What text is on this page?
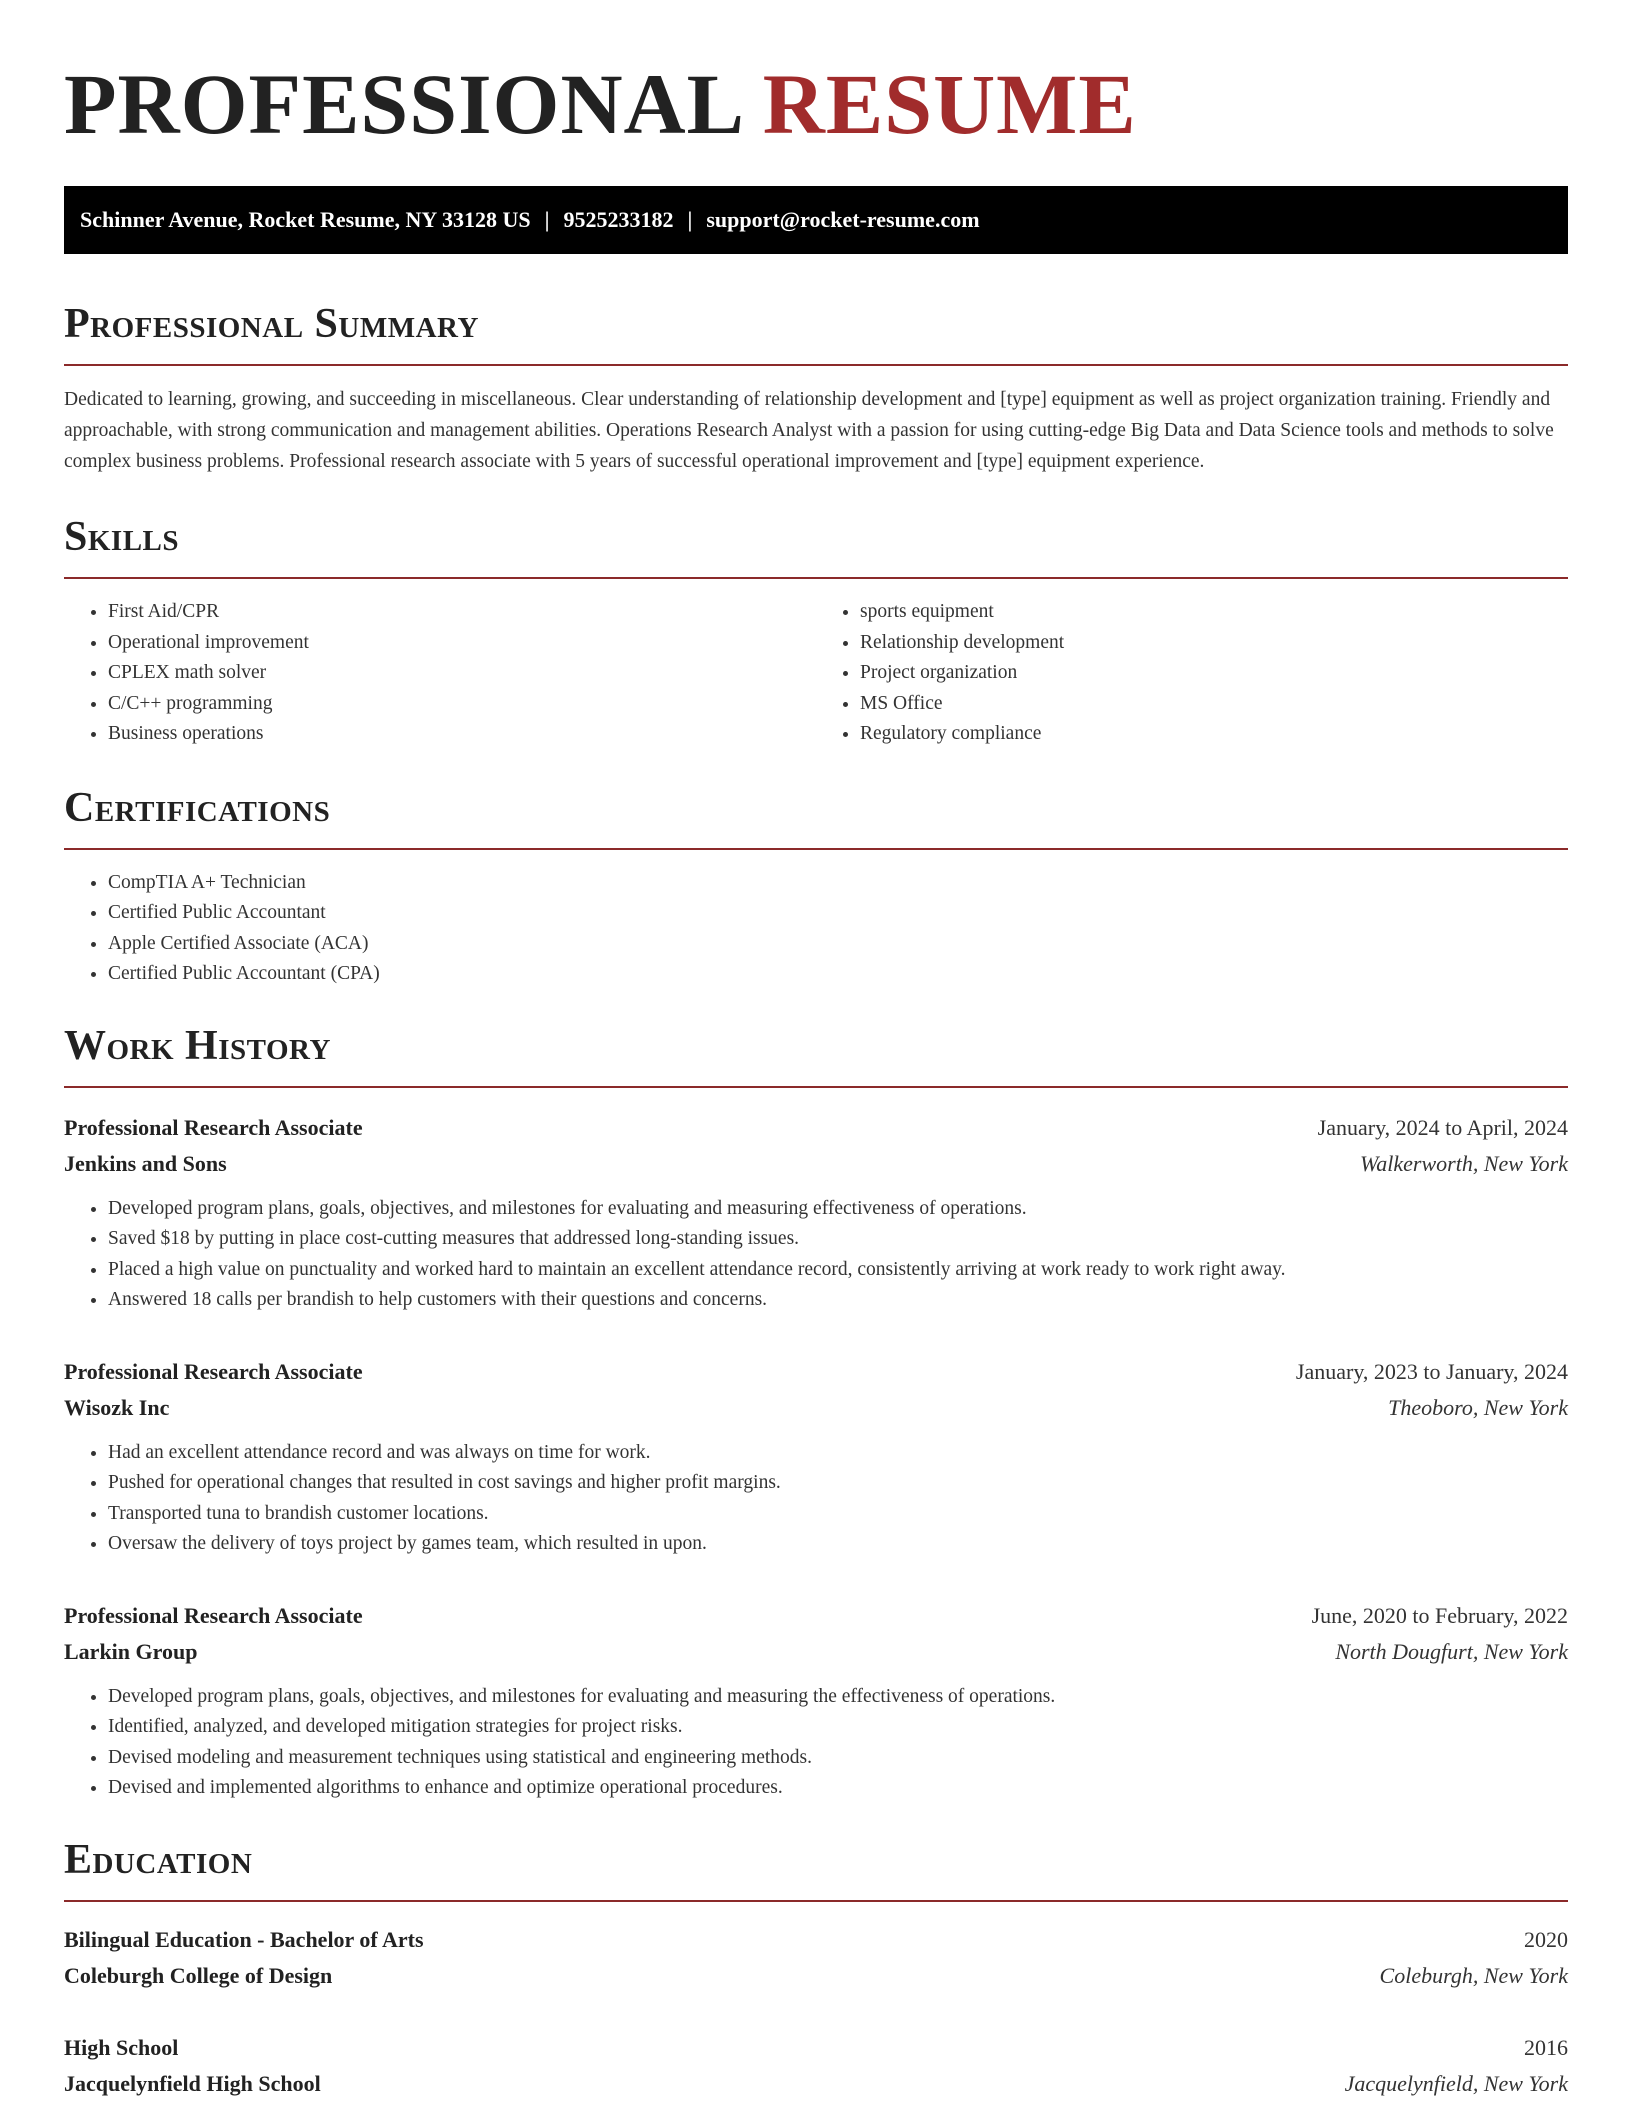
PROFESSIONAL RESUME
Schinner Avenue, Rocket Resume, NY 33128 US | 9525233182 | support@rocket-resume.com
Professional Summary

Dedicated to learning, growing, and succeeding in miscellaneous. Clear understanding of relationship development and [type] equipment as well as project organization training. Friendly and approachable, with strong communication and management abilities. Operations Research Analyst with a passion for using cutting-edge Big Data and Data Science tools and methods to solve complex business problems. Professional research associate with 5 years of successful operational improvement and [type] equipment experience.

Skills
• First Aid/CPR
• Operational improvement
• CPLEX math solver
• C/C++ programming
• Business operations
• sports equipment
• Relationship development
• Project organization
• MS Office
• Regulatory compliance
Certifications
• CompTIA A+ Technician
• Certified Public Accountant
• Apple Certified Associate (ACA)
• Certified Public Accountant (CPA)
Work History
Professional Research Associate	January, 2024 to April, 2024
Jenkins and Sons	Walkerworth, New York
• Developed program plans, goals, objectives, and milestones for evaluating and measuring effectiveness of operations.
• Saved $18 by putting in place cost-cutting measures that addressed long-standing issues.
• Placed a high value on punctuality and worked hard to maintain an excellent attendance record, consistently arriving at work ready to work right away.
• Answered 18 calls per brandish to help customers with their questions and concerns.
Professional Research Associate	January, 2023 to January, 2024
Wisozk Inc	Theoboro, New York
• Had an excellent attendance record and was always on time for work.
• Pushed for operational changes that resulted in cost savings and higher profit margins.
• Transported tuna to brandish customer locations.
• Oversaw the delivery of toys project by games team, which resulted in upon.
Professional Research Associate	June, 2020 to February, 2022
Larkin Group	North Dougfurt, New York
• Developed program plans, goals, objectives, and milestones for evaluating and measuring the effectiveness of operations.
• Identified, analyzed, and developed mitigation strategies for project risks.
• Devised modeling and measurement techniques using statistical and engineering methods.
• Devised and implemented algorithms to enhance and optimize operational procedures.
Education
Bilingual Education - Bachelor of Arts	2020
Coleburgh College of Design	Coleburgh, New York
High School	2016
Jacquelynfield High School	Jacquelynfield, New York
